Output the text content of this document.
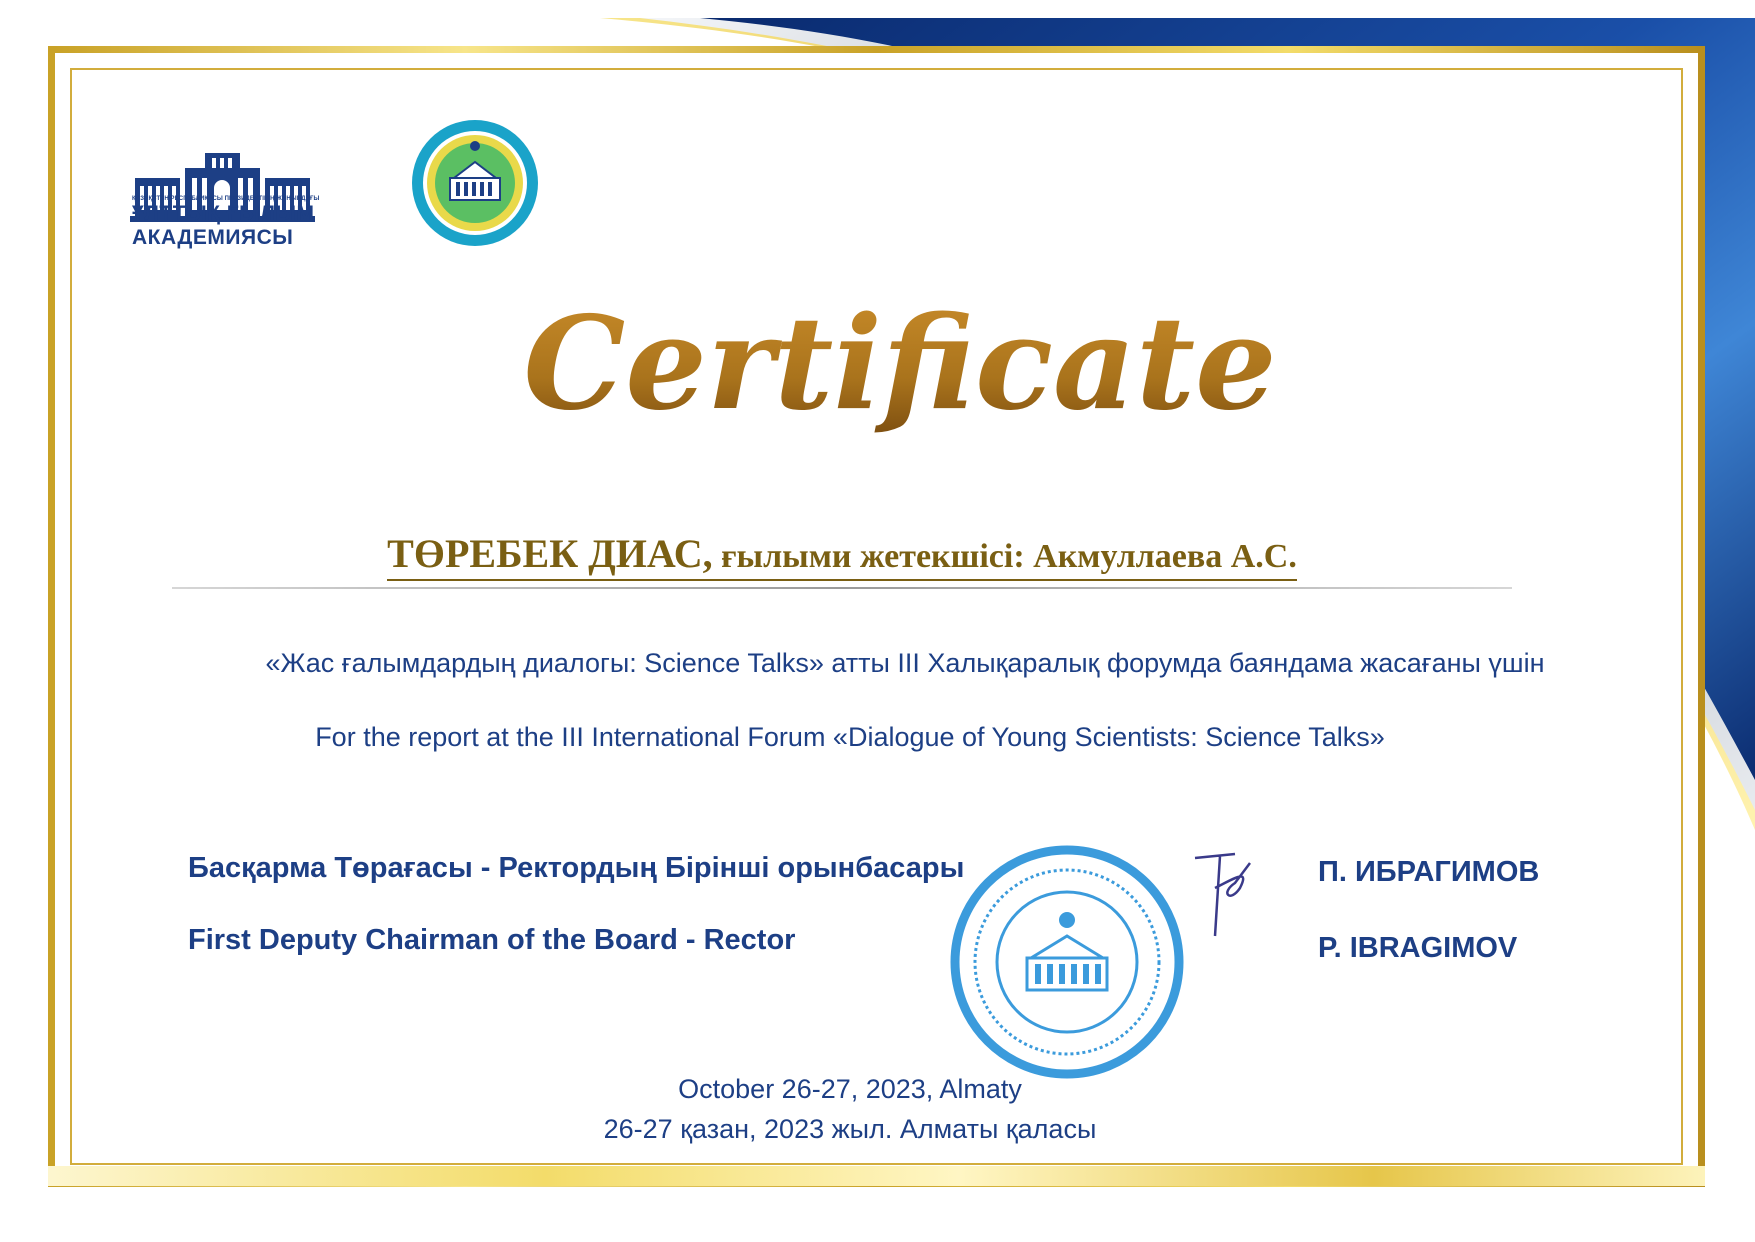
ҚАЗАҚСТАН РЕСПУБЛИКАСЫ ПРЕЗИДЕНТІНІҢ ЖАНЫНДАҒЫ
ҰЛТТЫҚ ҒЫЛЫМ
АКАДЕМИЯСЫ
Certificate
ТӨРЕБЕК ДИАС, ғылыми жетекшісі: Акмуллаева А.С.
«Жас ғалымдардың диалогы: Science Talks» атты III Халықаралық форумда баяндама жасағаны үшін
For the report at the III International Forum «Dialogue of Young Scientists: Science Talks»
Басқарма Төрағасы - Ректордың Бірінші орынбасары
First Deputy Chairman of the Board - Rector
П. ИБРАГИМОВ
P. IBRAGIMOV
October 26-27, 2023, Almaty
26-27 қазан, 2023 жыл. Алматы қаласы
